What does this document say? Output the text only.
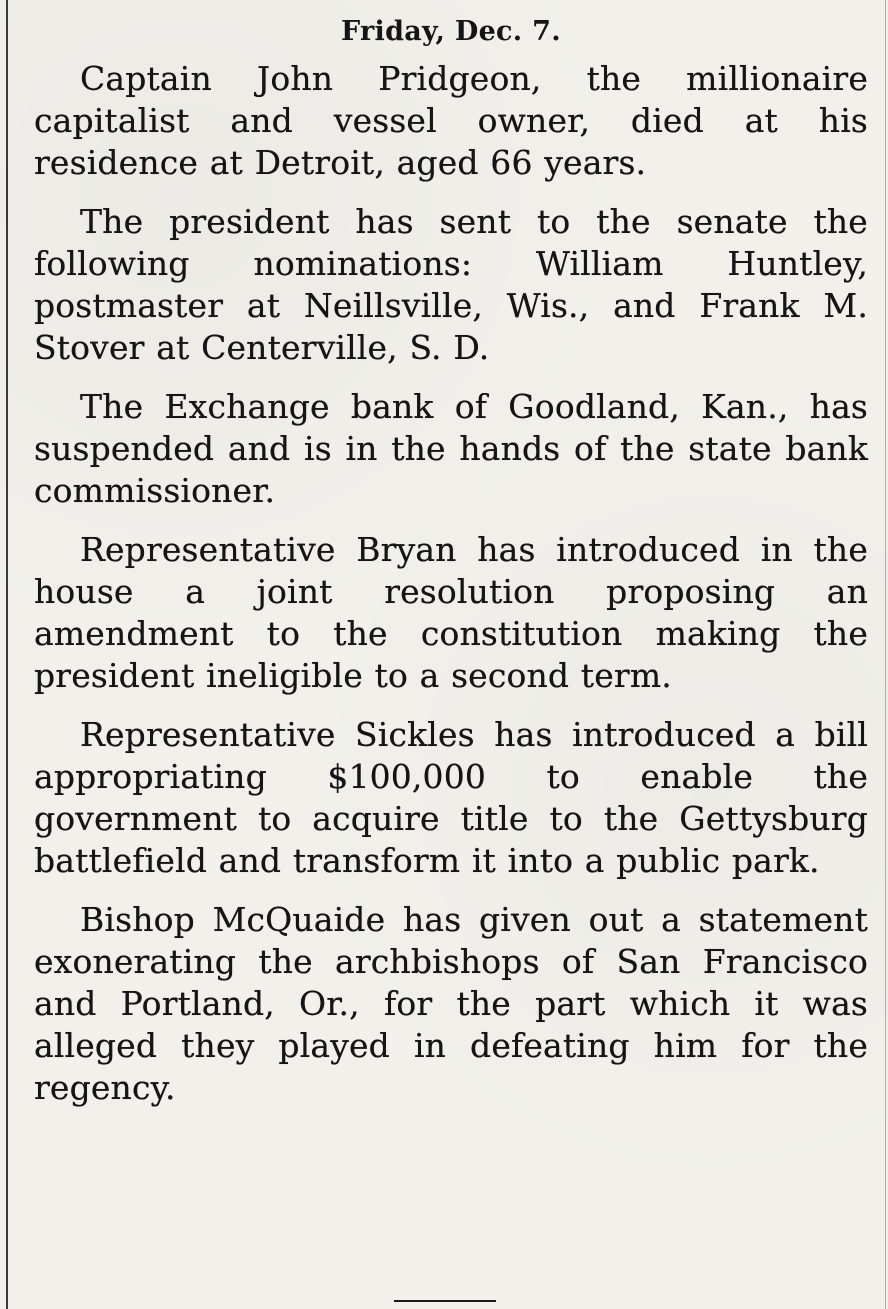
Friday, Dec. 7.

Captain John Pridgeon, the millionaire capitalist and vessel owner, died at his residence at Detroit, aged 66 years.

The president has sent to the senate the following nominations: William Huntley, postmaster at Neillsville, Wis., and Frank M. Stover at Centerville, S. D.

The Exchange bank of Goodland, Kan., has suspended and is in the hands of the state bank commissioner.

Representative Bryan has introduced in the house a joint resolution proposing an amendment to the constitution making the president ineligible to a second term.

Representative Sickles has introduced a bill appropriating $100,000 to enable the government to acquire title to the Gettysburg battlefield and transform it into a public park.

Bishop McQuaide has given out a statement exonerating the archbishops of San Francisco and Portland, Or., for the part which it was alleged they played in defeating him for the regency.
